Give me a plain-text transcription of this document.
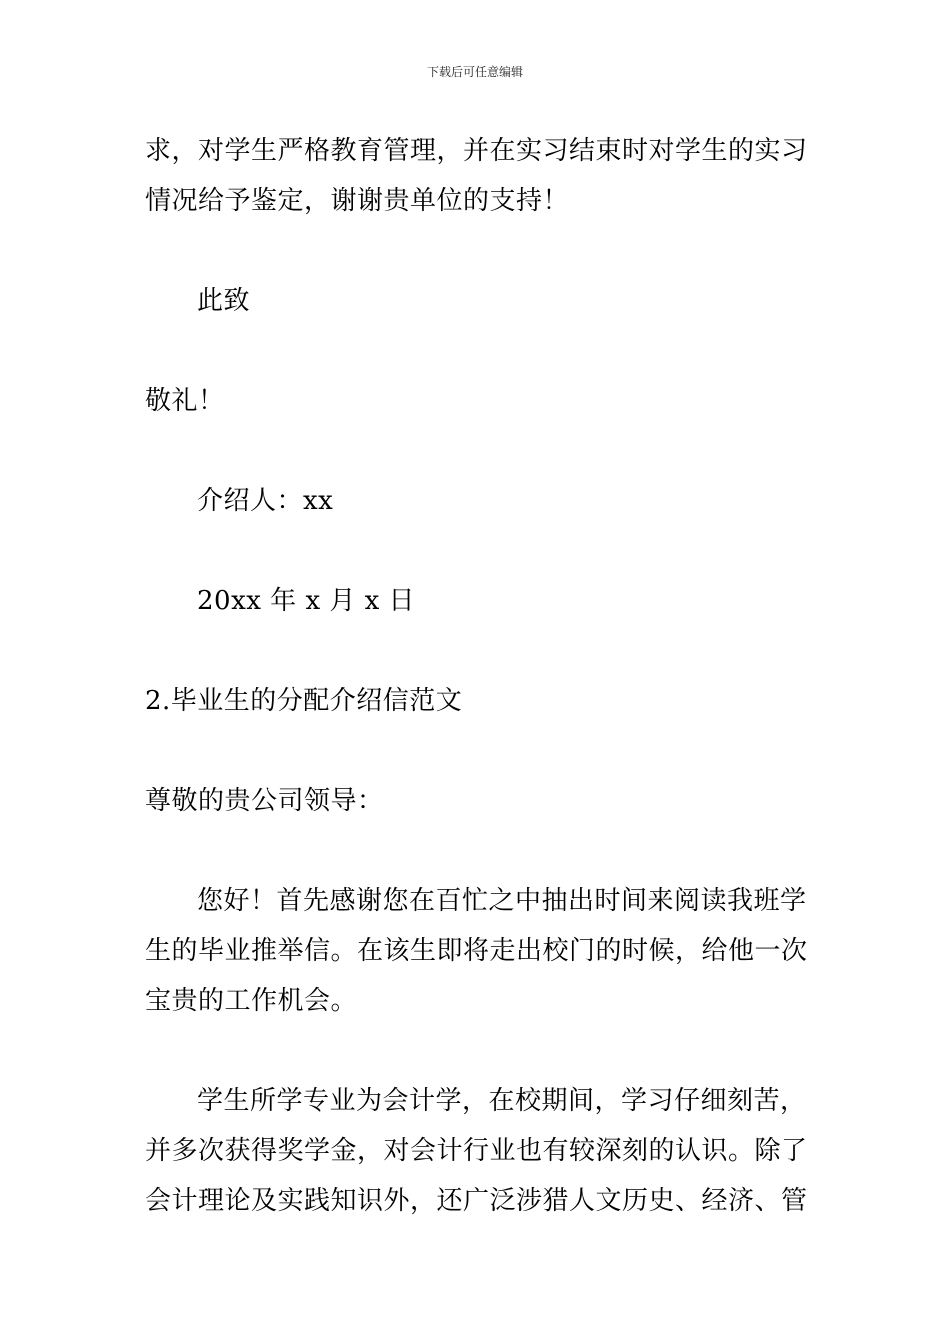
下载后可任意编辑
求，对学生严格教育管理，并在实习结束时对学生的实习
情况给予鉴定，谢谢贵单位的支持！
此致
敬礼！
介绍人：xx
20xx 年 x 月 x 日
2.毕业生的分配介绍信范文
尊敬的贵公司领导：
您好！首先感谢您在百忙之中抽出时间来阅读我班学
生的毕业推举信。在该生即将走出校门的时候，给他一次
宝贵的工作机会。
学生所学专业为会计学，在校期间，学习仔细刻苦，
并多次获得奖学金，对会计行业也有较深刻的认识。除了
会计理论及实践知识外，还广泛涉猎人文历史、经济、管
